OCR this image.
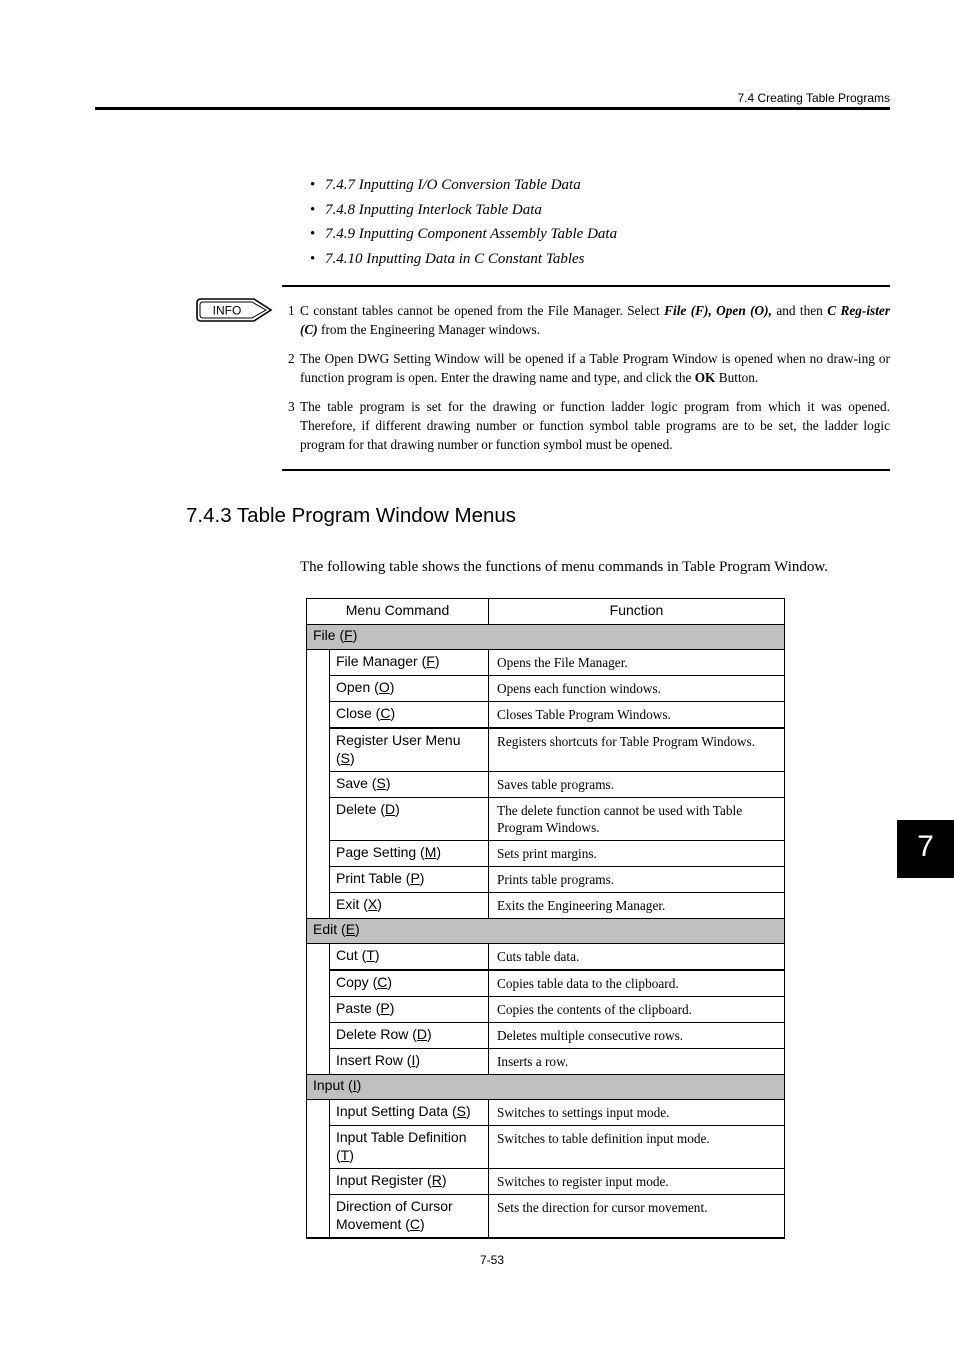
7.4 Creating Table Programs
• 7.4.7 Inputting I/O Conversion Table Data
• 7.4.8 Inputting Interlock Table Data
• 7.4.9 Inputting Component Assembly Table Data
• 7.4.10 Inputting Data in C Constant Tables
INFO	1 C constant tables cannot be opened from the File Manager. Select File (F), Open (O), and then C Reg-ister (C) from the Engineering Manager windows.
2 The Open DWG Setting Window will be opened if a Table Program Window is opened when no draw-ing or function program is open. Enter the drawing name and type, and click the OK Button.
3 The table program is set for the drawing or function ladder logic program from which it was opened. Therefore, if different drawing number or function symbol table programs are to be set, the ladder logic program for that drawing number or function symbol must be opened.
7.4.3 Table Program Window Menus

The following table shows the functions of menu commands in Table Program Window.

Menu Command		Function
File (F)		
	File Manager (F)	Opens the File Manager.
	Open (O)	Opens each function windows.
	Close (C)	Closes Table Program Windows.
	Register User Menu (S)	Registers shortcuts for Table Program Windows.
	Save (S)	Saves table programs.
	Delete (D)	The delete function cannot be used with Table Program Windows.
	Page Setting (M)	Sets print margins.
	Print Table (P)	Prints table programs.
	Exit (X)	Exits the Engineering Manager.
Edit (E)		
	Cut (T)	Cuts table data.
	Copy (C)	Copies table data to the clipboard.
	Paste (P)	Copies the contents of the clipboard.
	Delete Row (D)	Deletes multiple consecutive rows.
	Insert Row (I)	Inserts a row.
Input (I)		
	Input Setting Data (S)	Switches to settings input mode.
	Input Table Definition (T)	Switches to table definition input mode.
	Input Register (R)	Switches to register input mode.
	Direction of Cursor Movement (C)	Sets the direction for cursor movement.
7-53
7
